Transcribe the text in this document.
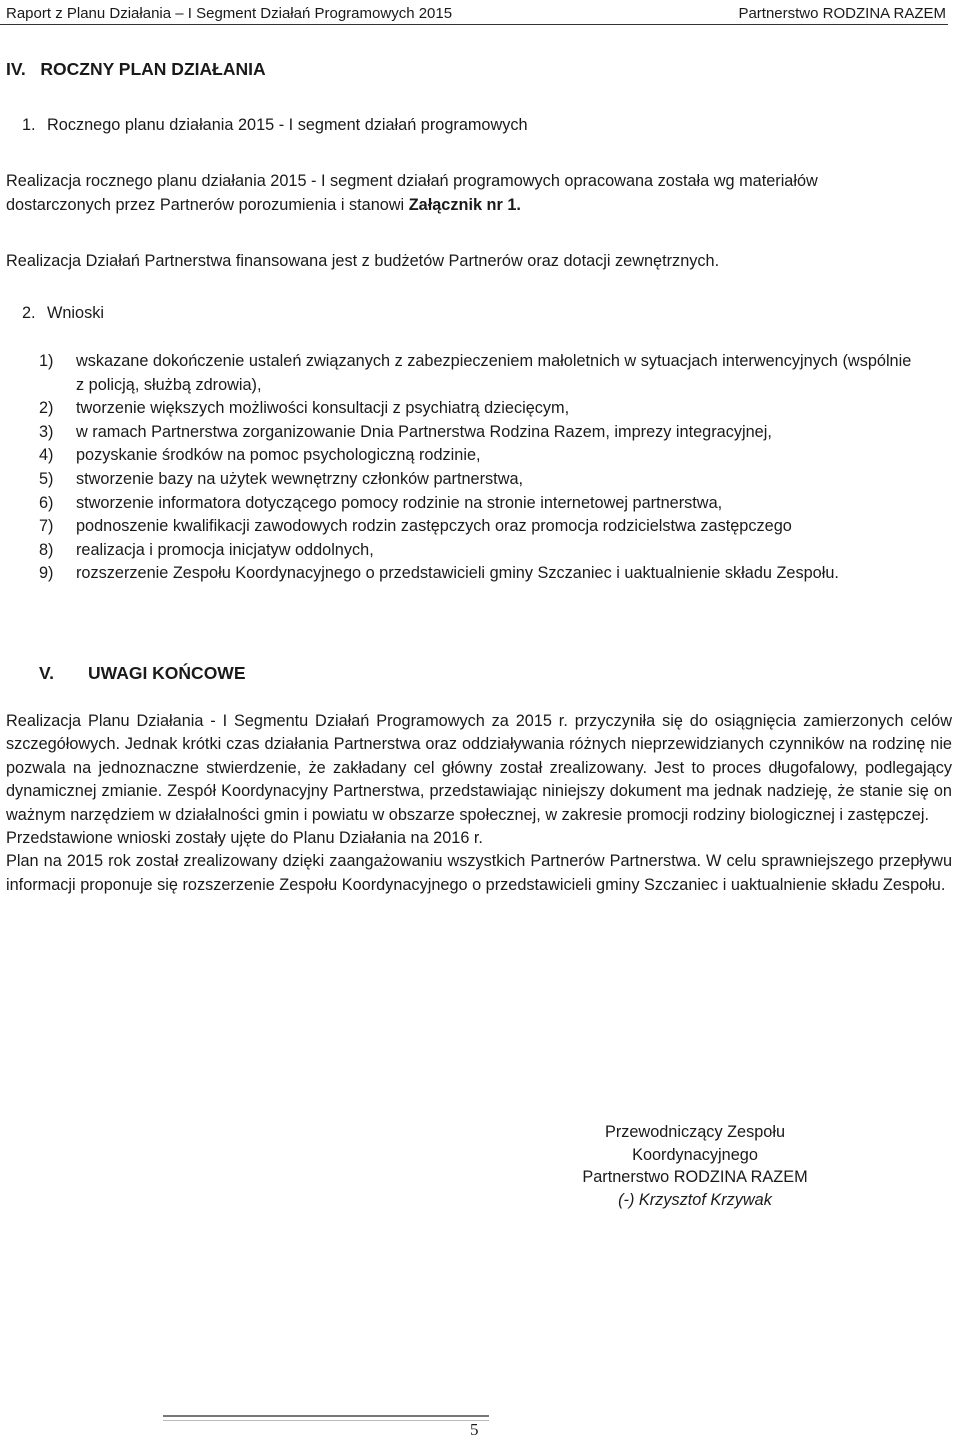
Raport z Planu Działania – I Segment Działań Programowych 2015	Partnerstwo RODZINA RAZEM
IV.   ROCZNY PLAN DZIAŁANIA
1. Rocznego planu działania 2015 - I segment działań programowych
Realizacja rocznego planu działania 2015 - I segment działań programowych opracowana została wg materiałów dostarczonych przez Partnerów porozumienia i stanowi Załącznik nr 1.
Realizacja Działań Partnerstwa finansowana jest z budżetów Partnerów oraz dotacji zewnętrznych.
2. Wnioski
1)	wskazane dokończenie ustaleń związanych z zabezpieczeniem małoletnich w sytuacjach interwencyjnych (wspólnie z policją, służbą zdrowia),
2)	tworzenie większych możliwości konsultacji z psychiatrą dziecięcym,
3)	w ramach Partnerstwa zorganizowanie Dnia Partnerstwa Rodzina Razem, imprezy integracyjnej,
4)	pozyskanie środków na pomoc psychologiczną rodzinie,
5)	stworzenie bazy na użytek wewnętrzny członków partnerstwa,
6)	stworzenie informatora dotyczącego pomocy rodzinie na stronie internetowej partnerstwa,
7)	podnoszenie kwalifikacji zawodowych rodzin zastępczych oraz promocja rodzicielstwa zastępczego
8)	realizacja i promocja inicjatyw oddolnych,
9)	rozszerzenie Zespołu Koordynacyjnego o przedstawicieli gminy Szczaniec i uaktualnienie składu Zespołu.
V. UWAGI KOŃCOWE

Realizacja Planu Działania - I Segmentu Działań Programowych za 2015 r. przyczyniła się do osiągnięcia zamierzonych celów szczegółowych. Jednak krótki czas działania Partnerstwa oraz oddziaływania różnych nieprzewidzianych czynników na rodzinę nie pozwala na jednoznaczne stwierdzenie, że zakładany cel główny został zrealizowany. Jest to proces długofalowy, podlegający dynamicznej zmianie. Zespół Koordynacyjny Partnerstwa, przedstawiając niniejszy dokument ma jednak nadzieję, że stanie się on ważnym narzędziem w działalności gmin i powiatu w obszarze społecznej, w zakresie promocji rodziny biologicznej i zastępczej.

Przedstawione wnioski zostały ujęte do Planu Działania na 2016 r.

Plan na 2015 rok został zrealizowany dzięki zaangażowaniu wszystkich Partnerów Partnerstwa. W celu sprawniejszego przepływu informacji proponuje się rozszerzenie Zespołu Koordynacyjnego o przedstawicieli gminy Szczaniec i uaktualnienie składu Zespołu.

Przewodniczący Zespołu Koordynacyjnego
Partnerstwo RODZINA RAZEM
(-) Krzysztof Krzywak
5
